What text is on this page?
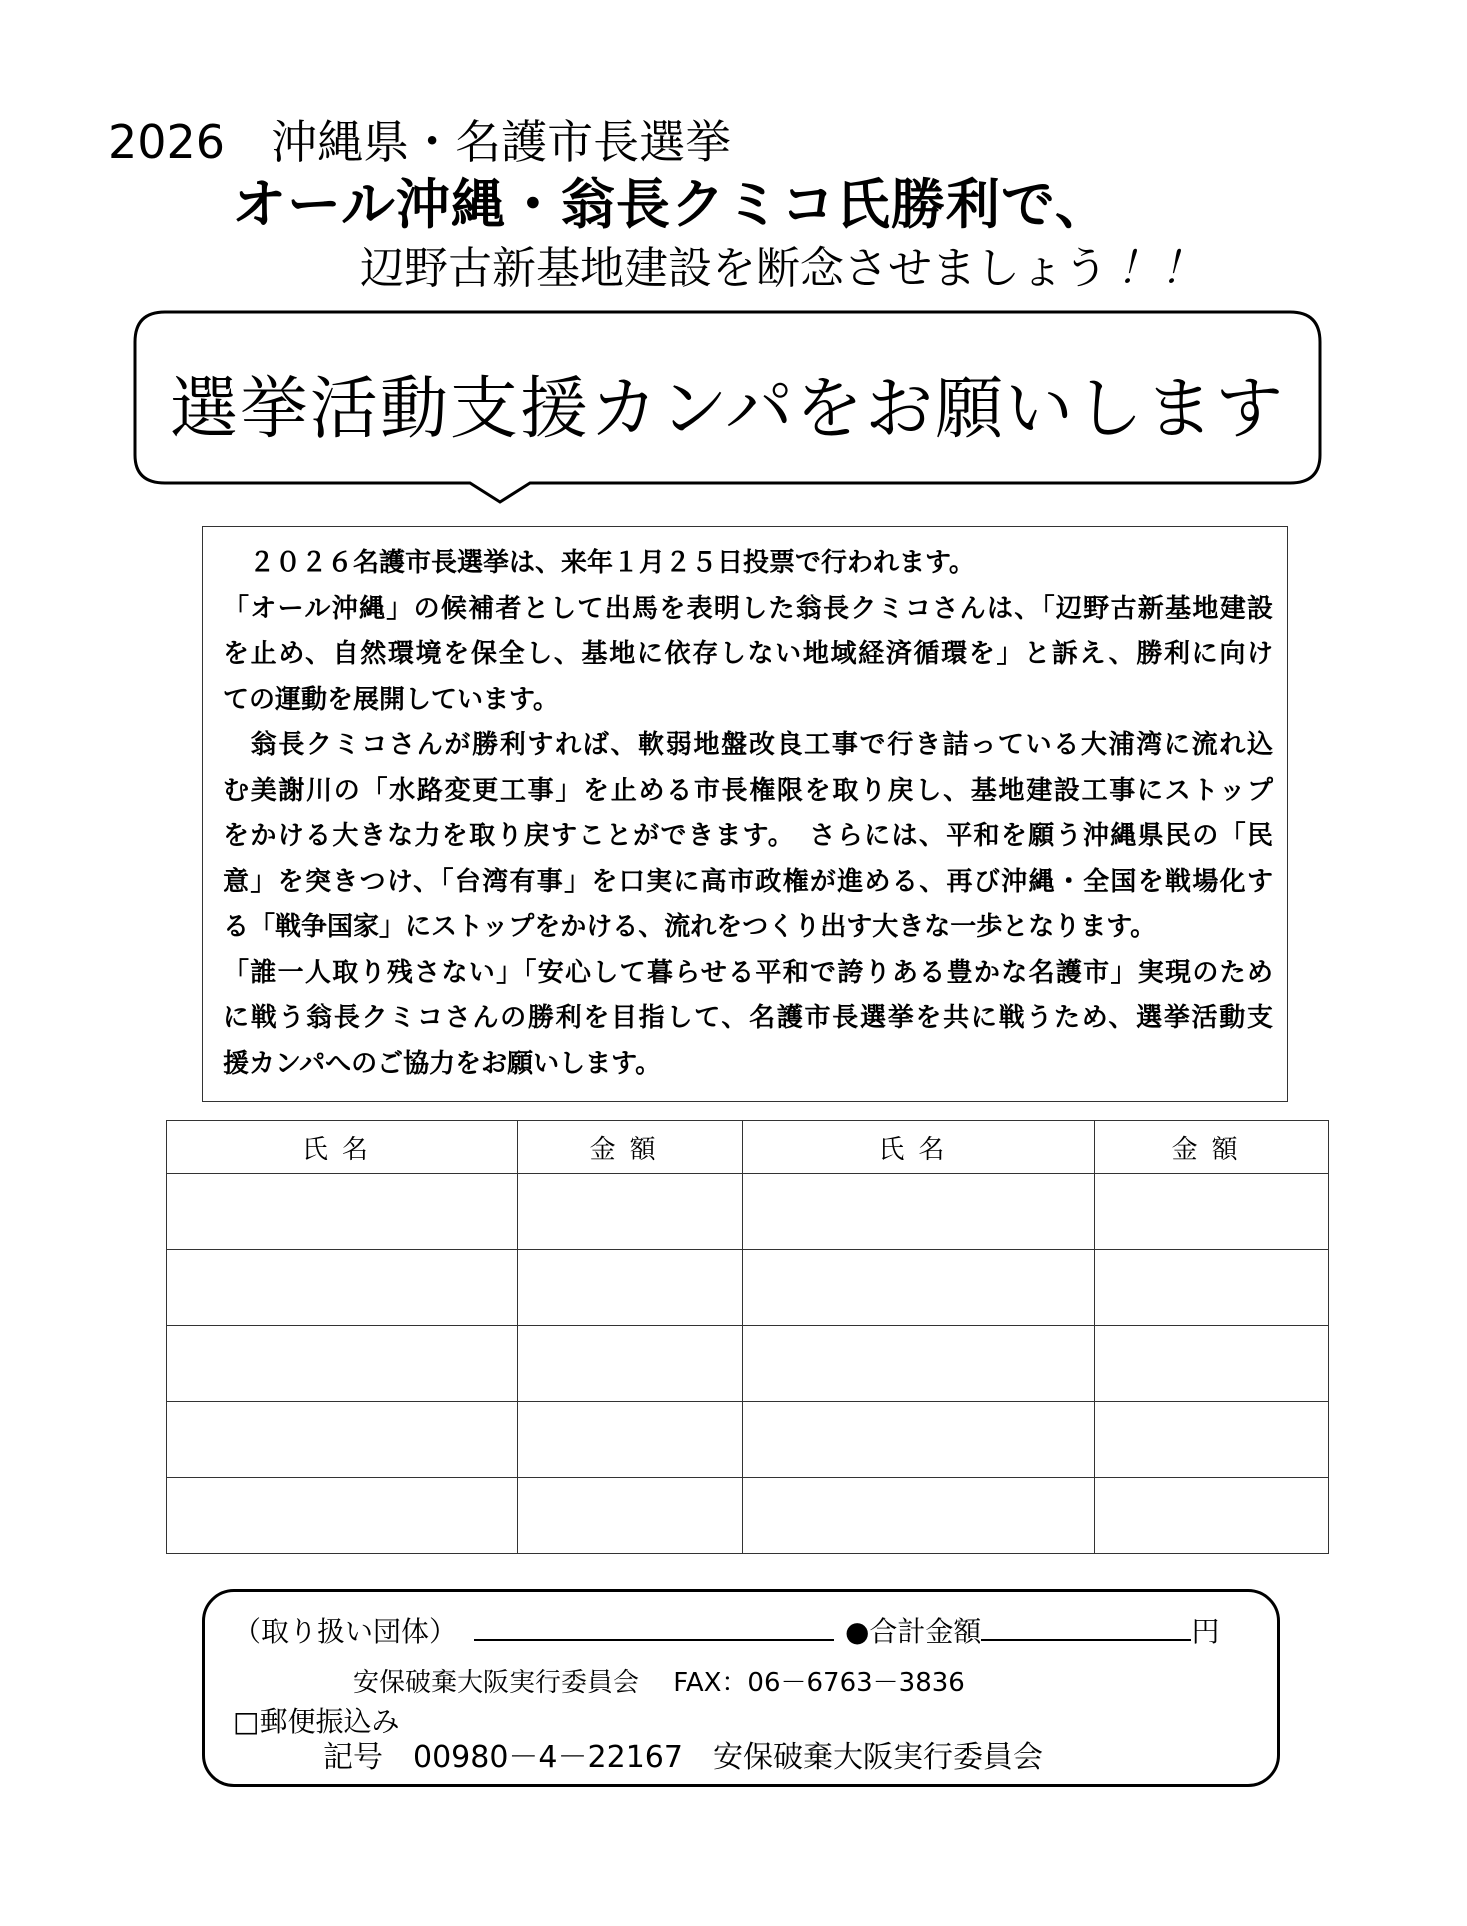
2026　沖縄県・名護市長選挙
オール沖縄・翁長クミコ氏勝利で、
辺野古新基地建設を断念させましょう ！！
選挙活動支援カンパをお願いします
　２０２６名護市長選挙は、来年１月２５日投票で行われます。
「オール沖縄」の候補者として出馬を表明した翁長クミコさんは、「辺野古新基地建設
を止め、自然環境を保全し、基地に依存しない地域経済循環を」と訴え、勝利に向け
ての運動を展開しています。
　翁長クミコさんが勝利すれば、軟弱地盤改良工事で行き詰っている大浦湾に流れ込
む美謝川の「水路変更工事」を止める市長権限を取り戻し、基地建設工事にストップ
をかける大きな力を取り戻すことができます。　さらには、平和を願う沖縄県民の「民
意」を突きつけ、「台湾有事」を口実に高市政権が進める、再び沖縄・全国を戦場化す
る「戦争国家」にストップをかける、流れをつくり出す大きな一歩となります。
「誰一人取り残さない」「安心して暮らせる平和で誇りある豊かな名護市」実現のため
に戦う翁長クミコさんの勝利を目指して、名護市長選挙を共に戦うため、選挙活動支
援カンパへのご協力をお願いします。
氏名	金額	氏名	金額

（取り扱い団体）	●合計金額	円
安保破棄大阪実行委員会　 FAX：06－6763－3836
□郵便振込み
記号　00980－4－22167　安保破棄大阪実行委員会
